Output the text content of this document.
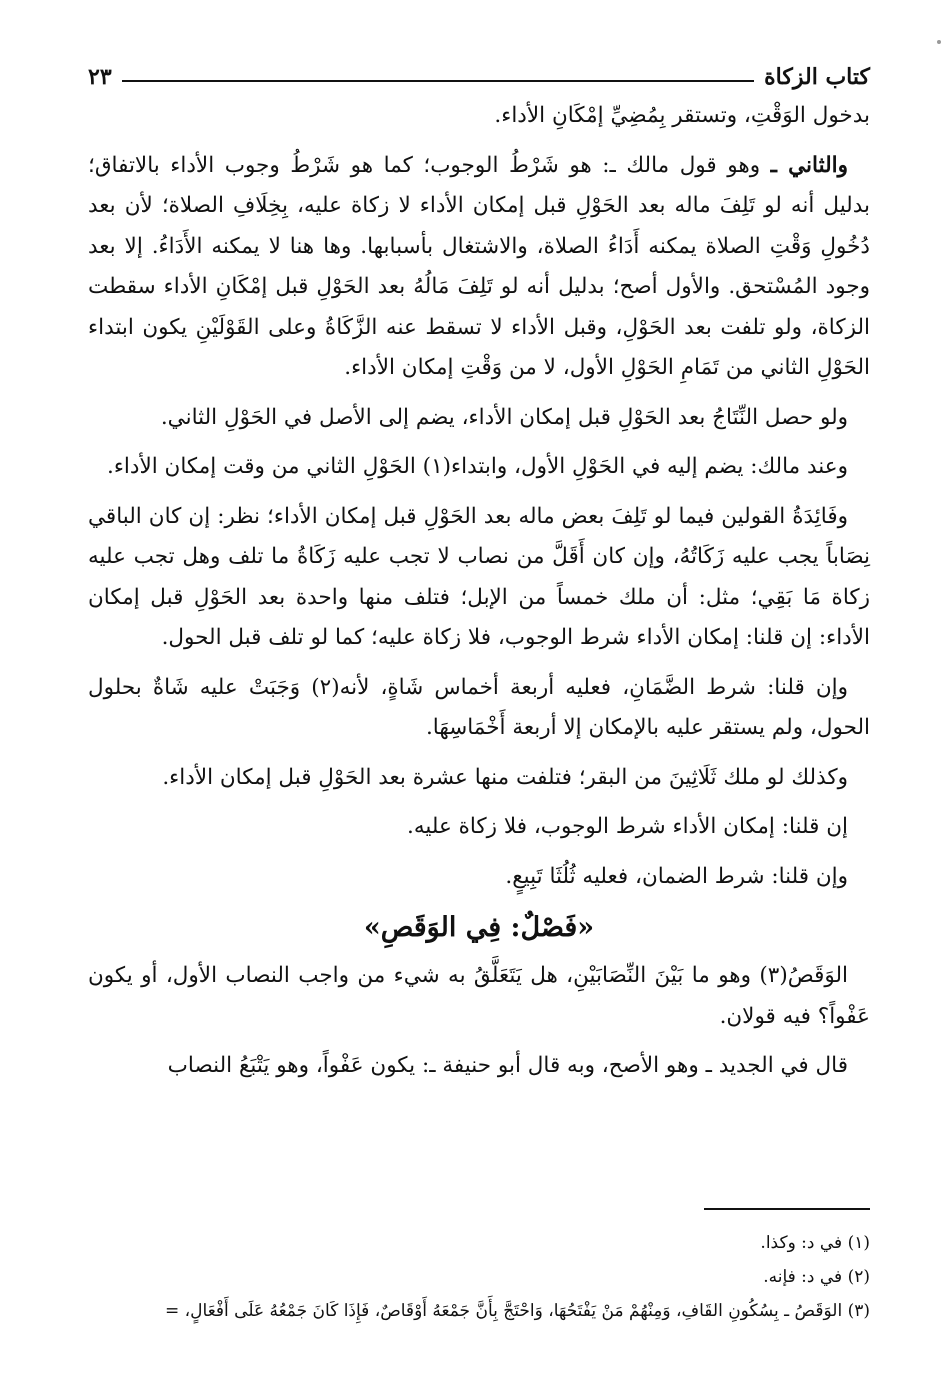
كتاب الزكاة
٢٣

بدخول الوَقْتِ، وتستقر بِمُضِيِّ إمْكَانِ الأداء.

والثاني ـ وهو قول مالك ـ: هو شَرْطُ الوجوب؛ كما هو شَرْطُ وجوب الأداء بالاتفاق؛ بدليل أنه لو تَلِفَ ماله بعد الحَوْلِ قبل إمكان الأداء لا زكاة عليه، بِخِلَافِ الصلاة؛ لأن بعد دُخُولِ وَقْتِ الصلاة يمكنه أَدَاءُ الصلاة، والاشتغال بأسبابها. وها هنا لا يمكنه الأَدَاءُ. إلا بعد وجود المُسْتحق. والأول أصح؛ بدليل أنه لو تَلِفَ مَالُهُ بعد الحَوْلِ قبل إمْكَانِ الأداء سقطت الزكاة، ولو تلفت بعد الحَوْلِ، وقبل الأداء لا تسقط عنه الزَّكَاةُ وعلى القَوْلَيْنِ يكون ابتداء الحَوْلِ الثاني من تَمَامِ الحَوْلِ الأول، لا من وَقْتِ إمكان الأداء.

ولو حصل النِّتَاجُ بعد الحَوْلِ قبل إمكان الأداء، يضم إلى الأصل في الحَوْلِ الثاني.

وعند مالك: يضم إليه في الحَوْلِ الأول، وابتداء(١) الحَوْلِ الثاني من وقت إمكان الأداء.

وفَائِدَةُ القولين فيما لو تَلِفَ بعض ماله بعد الحَوْلِ قبل إمكان الأداء؛ نظر: إن كان الباقي نِصَاباً يجب عليه زَكَاتُهُ، وإن كان أَقَلَّ من نصاب لا تجب عليه زَكَاةُ ما تلف وهل تجب عليه زكاة مَا بَقِي؛ مثل: أن ملك خمساً من الإبل؛ فتلف منها واحدة بعد الحَوْلِ قبل إمكان الأداء: إن قلنا: إمكان الأداء شرط الوجوب، فلا زكاة عليه؛ كما لو تلف قبل الحول.

وإن قلنا: شرط الضَّمَانِ، فعليه أربعة أخماس شَاةٍ، لأنه(٢) وَجَبَتْ عليه شَاةٌ بحلول الحول، ولم يستقر عليه بالإمكان إلا أربعة أَخْمَاسِهَا.

وكذلك لو ملك ثَلَاثِينَ من البقر؛ فتلفت منها عشرة بعد الحَوْلِ قبل إمكان الأداء.

إن قلنا: إمكان الأداء شرط الوجوب، فلا زكاة عليه.

وإن قلنا: شرط الضمان، فعليه ثُلُثَا تَبِيعٍ.

«فَصْلٌ: فِي الوَقَصِ»

الوَقَصُ(٣) وهو ما بَيْنَ النِّصَابَيْنِ، هل يَتَعَلَّقُ به شيء من واجب النصاب الأول، أو يكون عَفْواً؟ فيه قولان.

قال في الجديد ـ وهو الأصح، وبه قال أبو حنيفة ـ: يكون عَفْواً، وهو يَتْبَعُ النصاب

(١) في د: وكذا.

(٢) في د: فإنه.

(٣) الوَقَصُ ـ بِسُكُونِ القَافِ، وَمِنْهُمْ مَنْ يَفْتَحُهَا، وَاحْتَجَّ بِأَنَّ جَمْعَهُ أَوْقَاصٌ، فَإِذَا كَانَ جَمْعُهُ عَلَى أَفْعَالٍ، =
